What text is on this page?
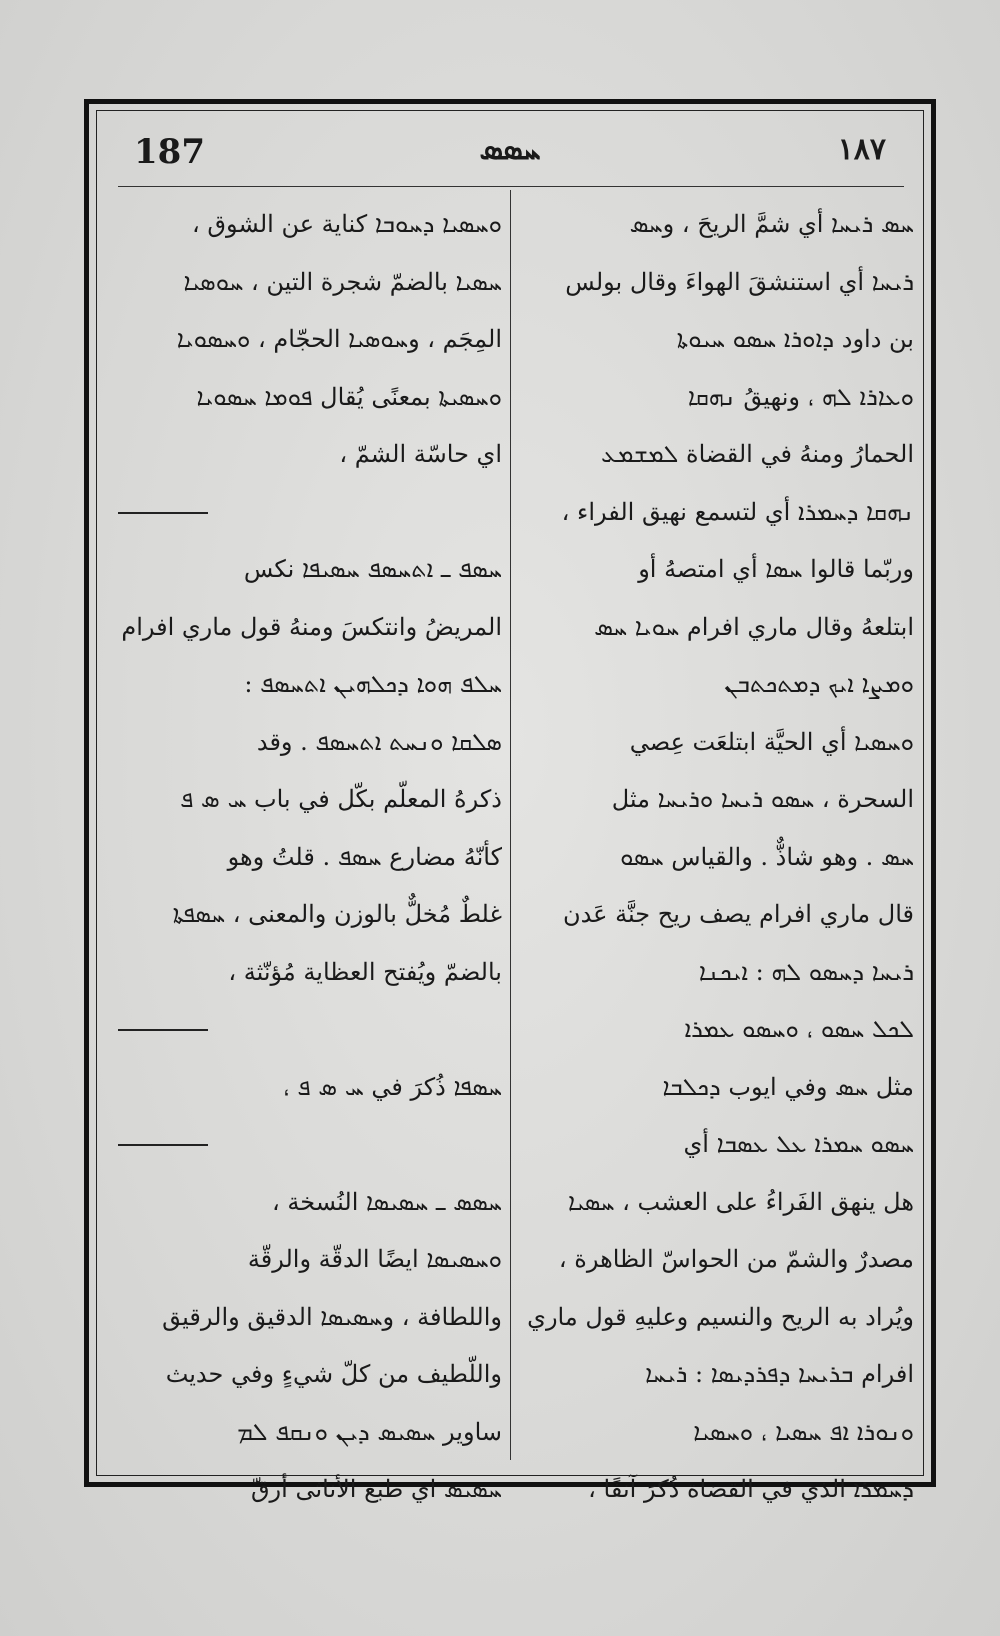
187	ܚܣܣ	١٨٧
ܚܣ ܪܝܚܐ أي شمَّ الريحَ ، وܚܣ
ܪܝܚܐ أي استنشقَ الهواءَ وقال بولس
بن داود ܕܐܘܪܐ ܚܣܘ ܚܝܘܬܐ
ܘܥܐܪܐ ܠܗ ، ونهيقُ ܢܗܩܐ
الحمارُ ومنهُ في القضاة ܠܡܫܡܥ
ܢܗܩܐ ܕܚܡܪܐ أي لتسمع نهيق الفراء ،
وربّما قالوا ܚܣܐ أي امتصهُ أو
ابتلعهُ وقال ماري افرام ܚܘܝܐ ܚܣ
ܘܡܨܐ ܐܝܟ ܕܡܬܟܬܒܢ
ܘܚܣܝܐ أي الحيَّة ابتلعَت عِصي
السحرة ، ܚܣܘ ܪܝܚܐ ܘܪܝܚܐ مثل
ܚܣ . وهو شاذٌّ . والقياس ܚܣܘ
قال ماري افرام يصف ريح جنَّة عَدن
ܪܝܚܐ ܕܚܣܘ ܠܗ : ܐܝܟܢܐ
ܠܟܠ ܚܣܘ ، ܘܚܣܘ ܥܡܪܐ
مثل ܚܣ وفي ايوب ܕܟܠܒܐ
ܚܣܘ ܚܡܪܐ ܥܠ ܥܣܒܐ أي
هل ينهق الفَراءُ على العشب ، ܚܣܝܐ
مصدرٌ والشمّ من الحواسّ الظاهرة ،
ويُراد به الريح والنسيم وعليهِ قول ماري
افرام ܒܪܝܚܐ ܕܦܪܕܝܣܐ : ܪܝܚܐ
ܘܢܘܪܐ ܐܦ ܚܣܝܐ ، ܘܚܣܝܐ
ܕܚܡܪܐ الذي في القضاة ذُكرَ آنفًا ،
ܘܚܣܝܐ ܕܚܘܒܐ كناية عن الشوق ،
ܚܣܝܐ بالضمّ شجرة التين ، ܚܘܣܝܐ
المِجَم ، وܚܘܣܝܐ الحجّام ، ܘܚܣܘܝܐ
ܘܚܣܝܬܐ بمعنًى يُقال ܦܘܡܐ ܚܣܘܝܐ
اي حاسّة الشمّ ،
ܚܣܦ ـ ܐܬܚܣܦ ܚܣܝܦܐ نكس
المريضُ وانتكسَ ومنهُ قول ماري افرام
ܚܠܦ ܗܘܐ ܕܟܠܗܝܢ ܐܬܚܣܦ :
ܣܠܩܐ ܘܢܚܬ ܐܬܚܣܦ . وقد
ذكرهُ المعلّم بكّل في باب ܚ ܣ ܦ
كأنّهُ مضارع ܚܣܦ . قلتُ وهو
غلطٌ مُخلٌّ بالوزن والمعنى ، ܚܣܦܬܐ
بالضمّ ويُفتح العظاية مُؤنّثة ،
ܚܣܦܐ ذُكرَ في ܚ ܣ ܦ ،
ܚܣܣ ـ ܚܣܝܣܐ النُسخة ،
ܘܚܣܝܣܐ ايضًا الدقّة والرقّة
واللطافة ، وܚܣܝܣܐ الدقيق والرقيق
واللّطيف من كلّ شيءٍ وفي حديث
ساوير ܚܣܝܣ ܕܝܢ ܘܢܩܦ ܠܡ
ܚܣܝܣ اي طبع الأناثى أرقّ
